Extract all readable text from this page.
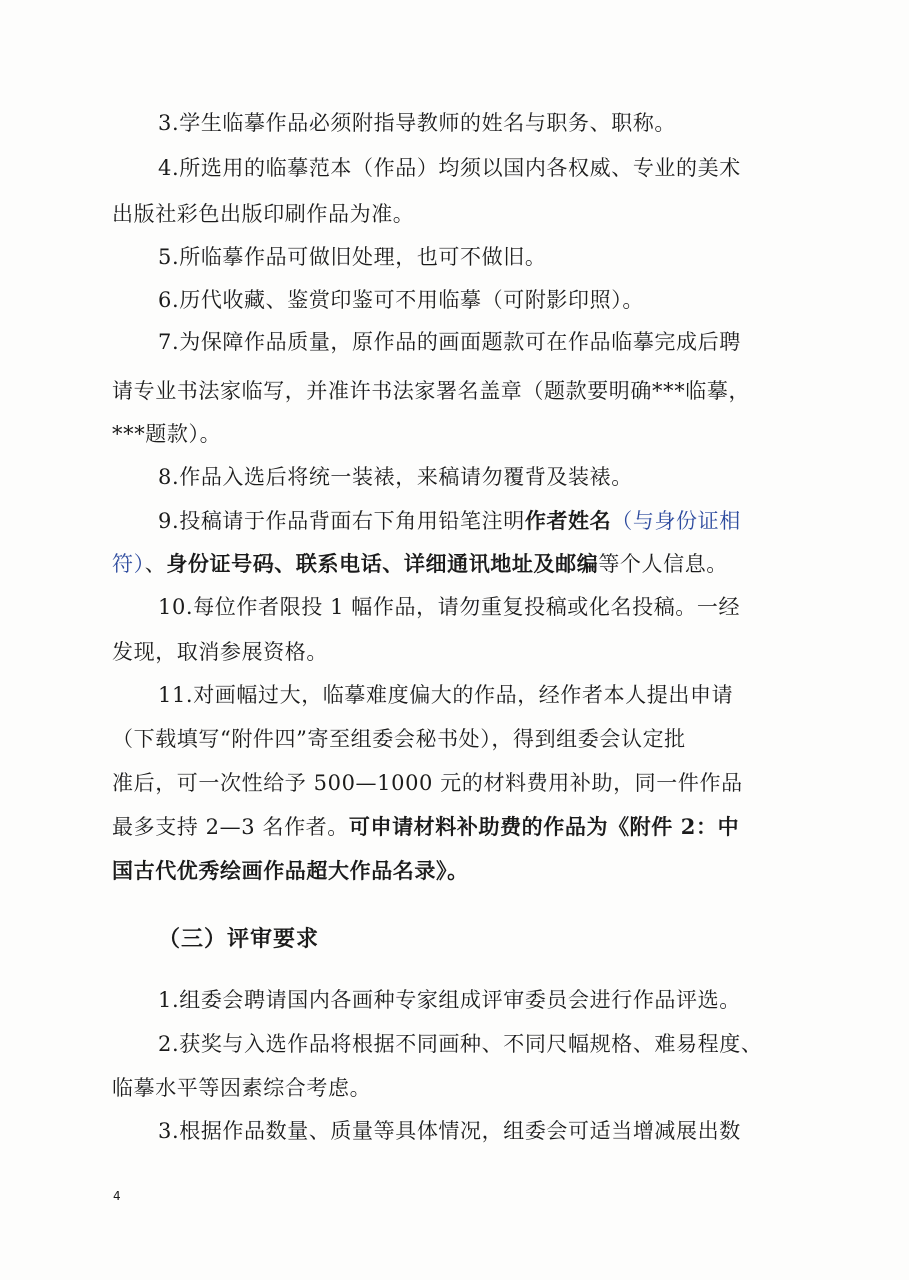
3.学生临摹作品必须附指导教师的姓名与职务、职称。
4.所选用的临摹范本（作品）均须以国内各权威、专业的美术
出版社彩色出版印刷作品为准。
5.所临摹作品可做旧处理，也可不做旧。
6.历代收藏、鉴赏印鉴可不用临摹（可附影印照）。
7.为保障作品质量，原作品的画面题款可在作品临摹完成后聘
请专业书法家临写，并准许书法家署名盖章（题款要明确***临摹，
***题款）。
8.作品入选后将统一装裱，来稿请勿覆背及装裱。
9.投稿请于作品背面右下角用铅笔注明作者姓名（与身份证相
符）、身份证号码、联系电话、详细通讯地址及邮编等个人信息。
10.每位作者限投 1 幅作品，请勿重复投稿或化名投稿。一经
发现，取消参展资格。
11.对画幅过大，临摹难度偏大的作品，经作者本人提出申请
（下载填写“附件四”寄至组委会秘书处），得到组委会认定批
准后，可一次性给予 500—1000 元的材料费用补助，同一件作品
最多支持 2—3 名作者。可申请材料补助费的作品为《附件 2：中
国古代优秀绘画作品超大作品名录》。
（三）评审要求
1.组委会聘请国内各画种专家组成评审委员会进行作品评选。
2.获奖与入选作品将根据不同画种、不同尺幅规格、难易程度、
临摹水平等因素综合考虑。
3.根据作品数量、质量等具体情况，组委会可适当增减展出数
4
